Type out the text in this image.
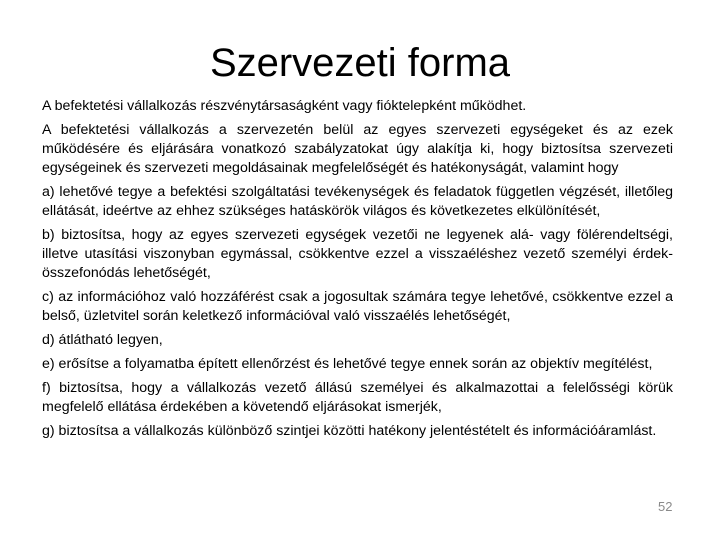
Szervezeti forma

A befektetési vállalkozás részvénytársaságként vagy fióktelepként működhet.

A befektetési vállalkozás a szervezetén belül az egyes szervezeti egységeket és az ezek működésére és eljárására vonatkozó szabályzatokat úgy alakítja ki, hogy biztosítsa szervezeti egységeinek és szervezeti megoldásainak megfelelőségét és hatékonyságát, valamint hogy

a) lehetővé tegye a befektési szolgáltatási tevékenységek és feladatok független végzését, illetőleg ellátását, ideértve az ehhez szükséges hatáskörök világos és következetes elkülönítését,

b) biztosítsa, hogy az egyes szervezeti egységek vezetői ne legyenek alá- vagy fölérendeltségi, illetve utasítási viszonyban egymással, csökkentve ezzel a visszaéléshez vezető személyi érdek-összefonódás lehetőségét,

c) az információhoz való hozzáférést csak a jogosultak számára tegye lehetővé, csökkentve ezzel a belső, üzletvitel során keletkező információval való visszaélés lehetőségét,

d) átlátható legyen,

e) erősítse a folyamatba épített ellenőrzést és lehetővé tegye ennek során az objektív megítélést,

f) biztosítsa, hogy a vállalkozás vezető állású személyei és alkalmazottai a felelősségi körük megfelelő ellátása érdekében a követendő eljárásokat ismerjék,

g) biztosítsa a vállalkozás különböző szintjei közötti hatékony jelentéstételt és információáramlást.

52
